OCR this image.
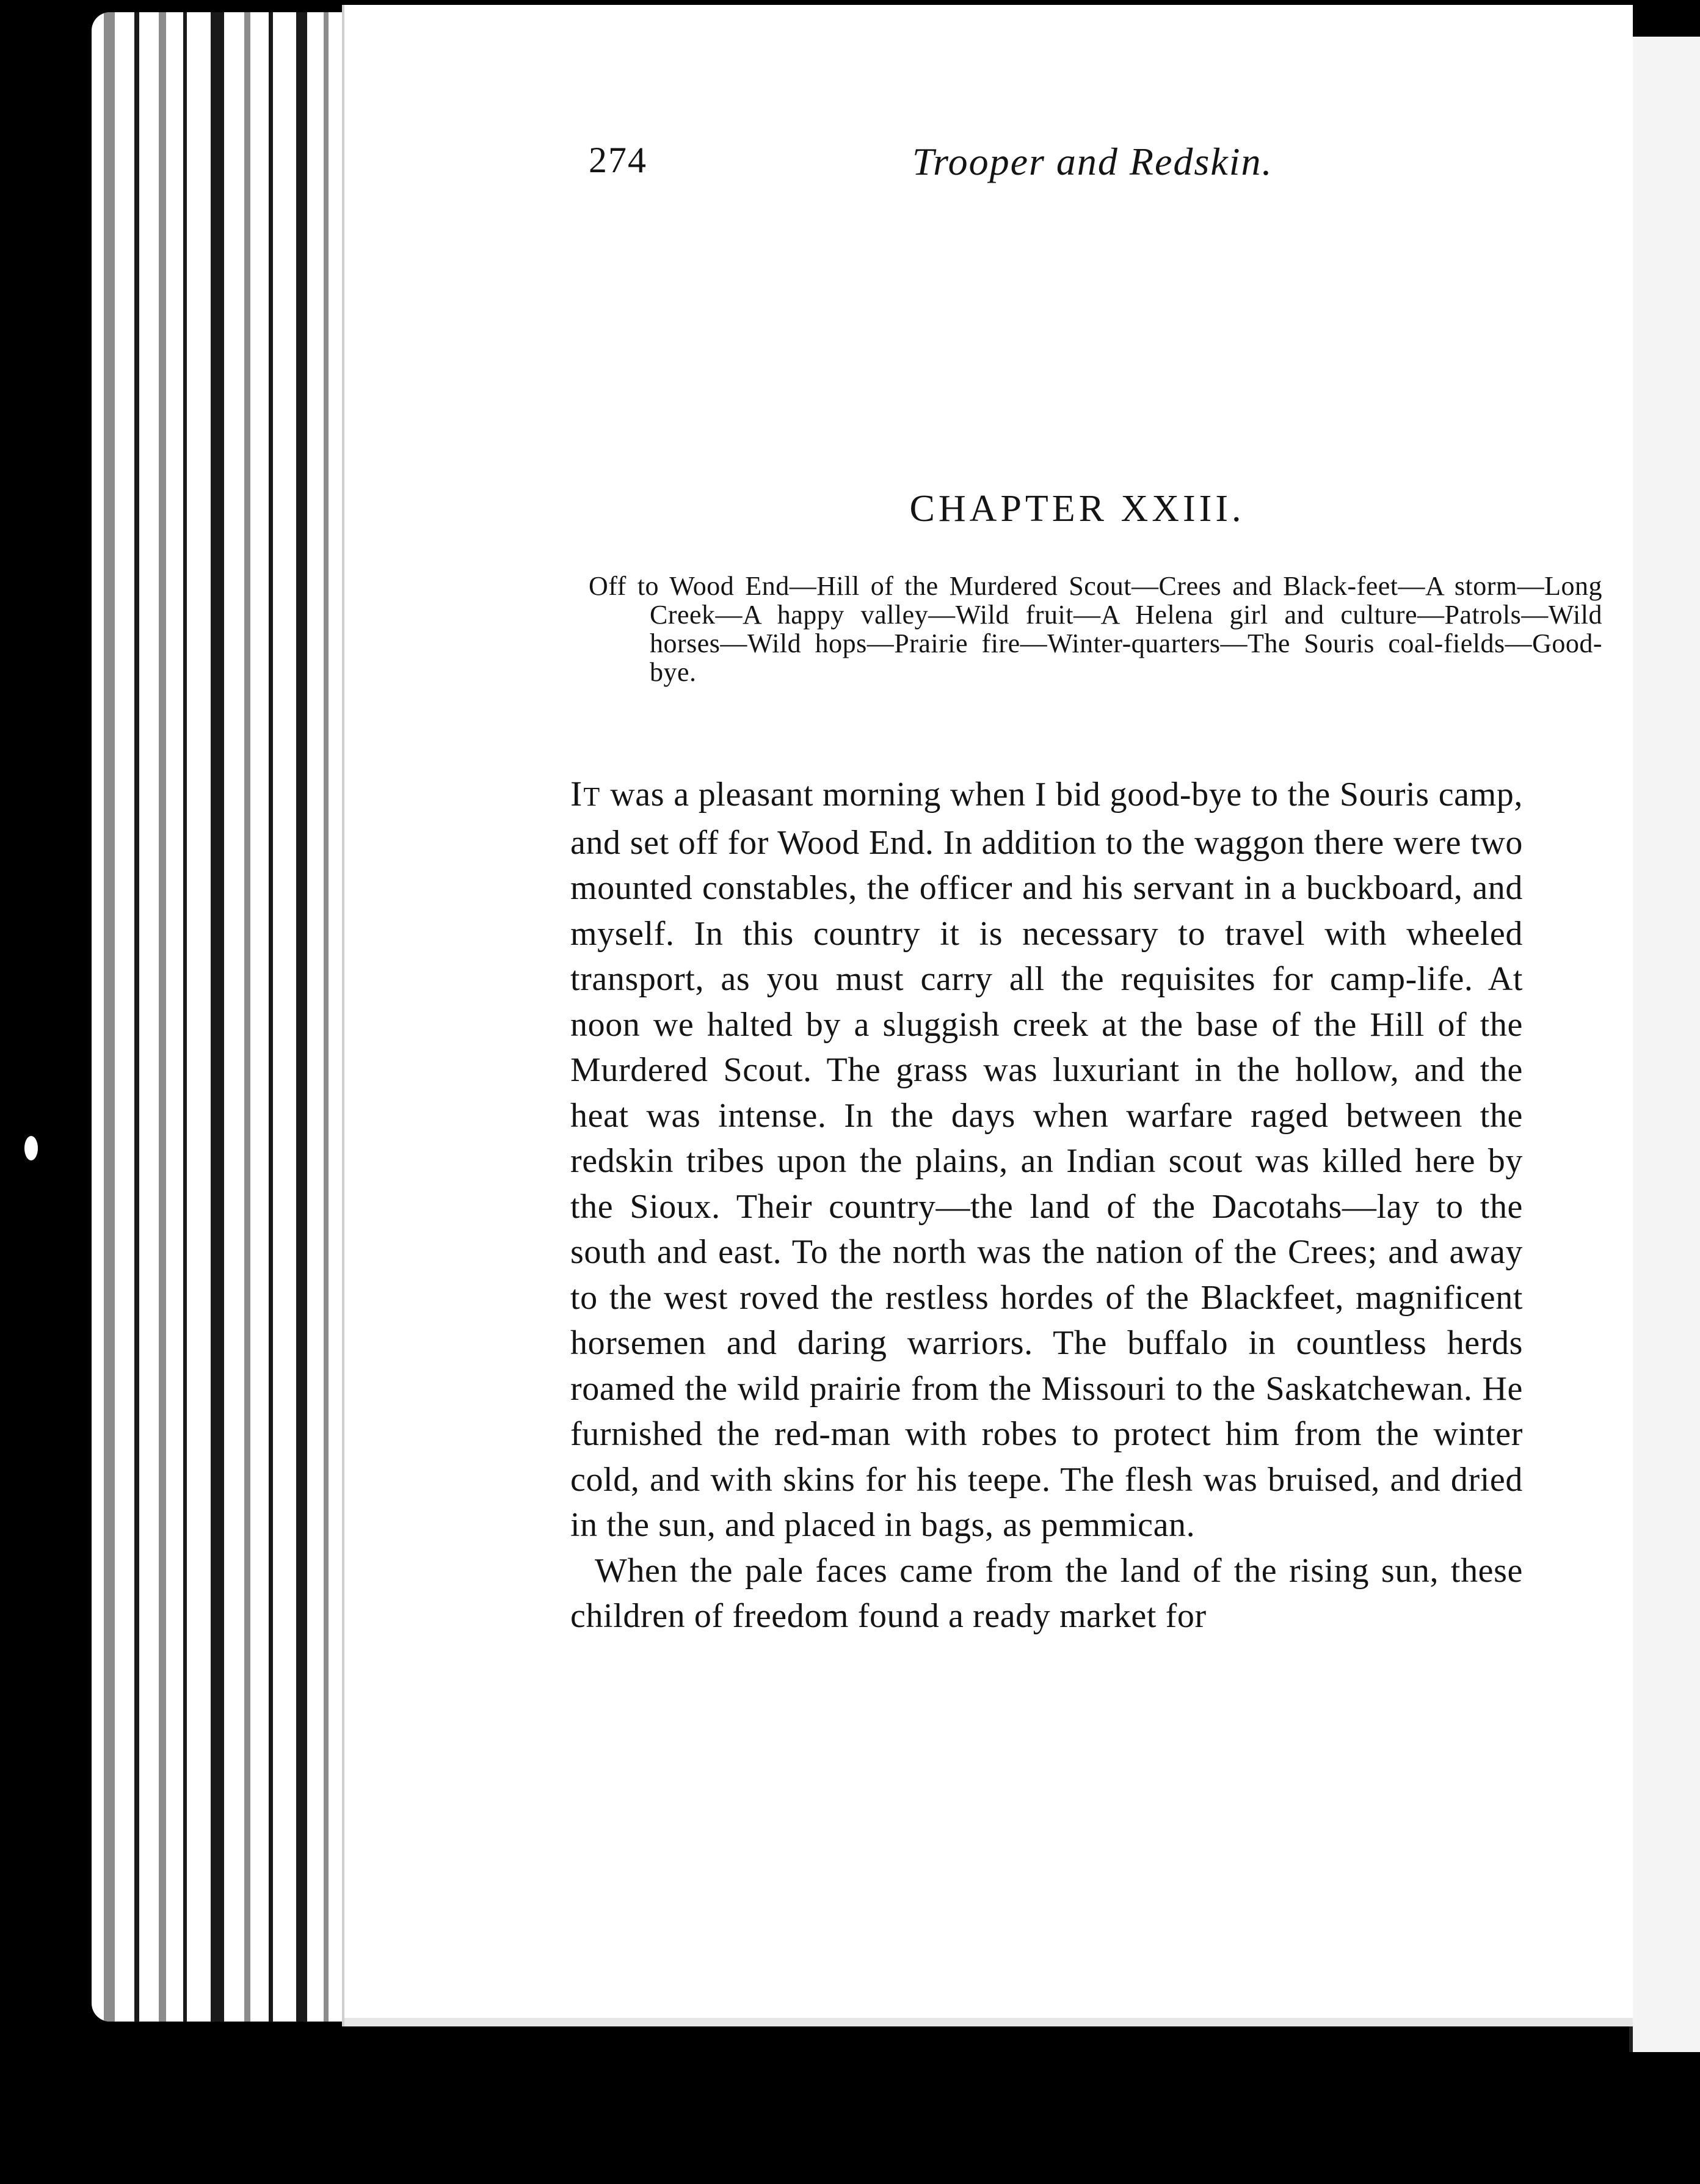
274	Trooper and Redskin.
CHAPTER XXIII.
Off to Wood End—Hill of the Murdered Scout—Crees and Black-feet—A storm—Long Creek—A happy valley—Wild fruit—A Helena girl and culture—Patrols—Wild horses—Wild hops—Prairie fire—Winter-quarters—The Souris coal-fields—Good-bye.

IT was a pleasant morning when I bid good-bye to the Souris camp, and set off for Wood End. In addition to the waggon there were two mounted constables, the officer and his servant in a buckboard, and myself. In this country it is necessary to travel with wheeled transport, as you must carry all the requisites for camp-life. At noon we halted by a sluggish creek at the base of the Hill of the Murdered Scout. The grass was luxuriant in the hollow, and the heat was intense. In the days when warfare raged between the redskin tribes upon the plains, an Indian scout was killed here by the Sioux. Their country—the land of the Dacotahs—lay to the south and east. To the north was the nation of the Crees; and away to the west roved the restless hordes of the Blackfeet, magnificent horsemen and daring warriors. The buffalo in countless herds roamed the wild prairie from the Missouri to the Saskatchewan. He furnished the red-man with robes to protect him from the winter cold, and with skins for his teepe. The flesh was bruised, and dried in the sun, and placed in bags, as pemmican.

When the pale faces came from the land of the rising sun, these children of freedom found a ready market for
